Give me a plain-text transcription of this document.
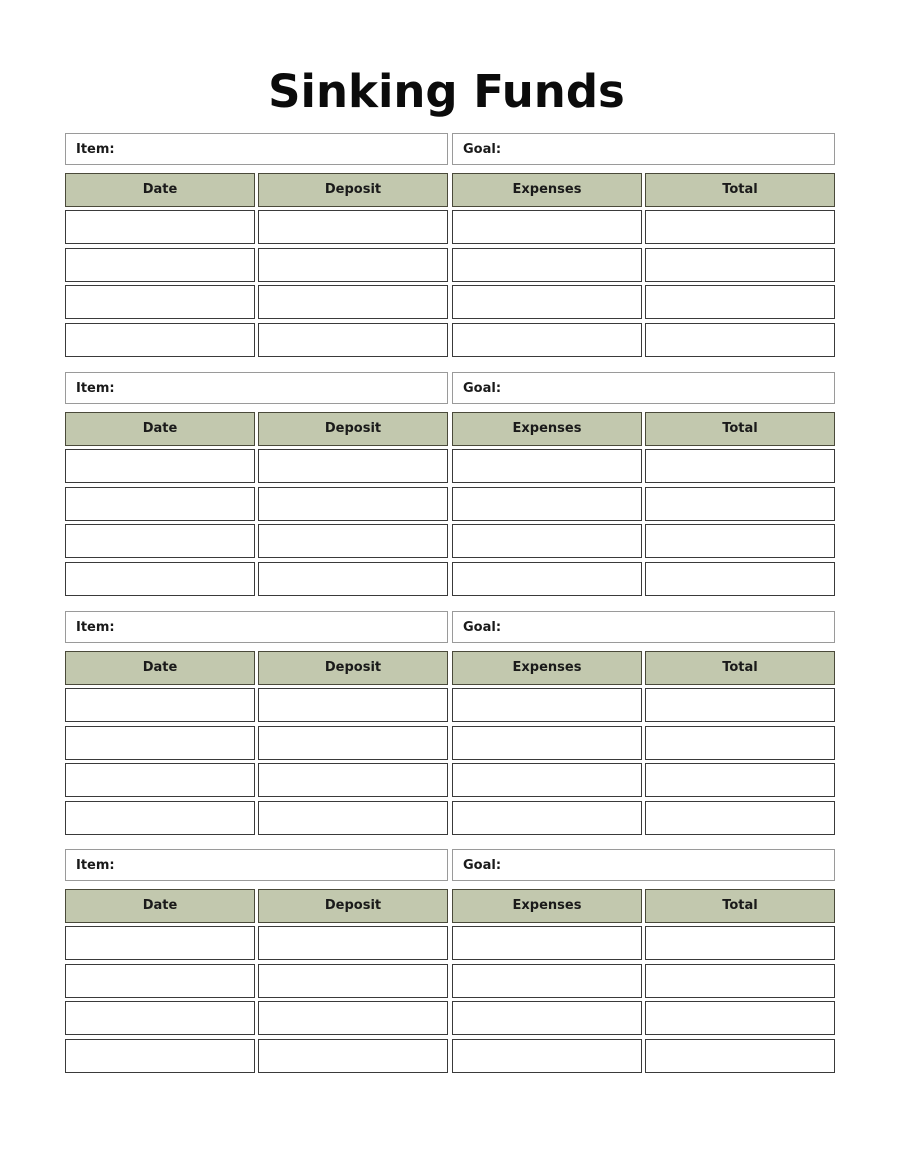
Sinking Funds
Item:	Goal:
Date	Deposit	Expenses	Total
Item:	Goal:
Date	Deposit	Expenses	Total
Item:	Goal:
Date	Deposit	Expenses	Total
Item:	Goal:
Date	Deposit	Expenses	Total
